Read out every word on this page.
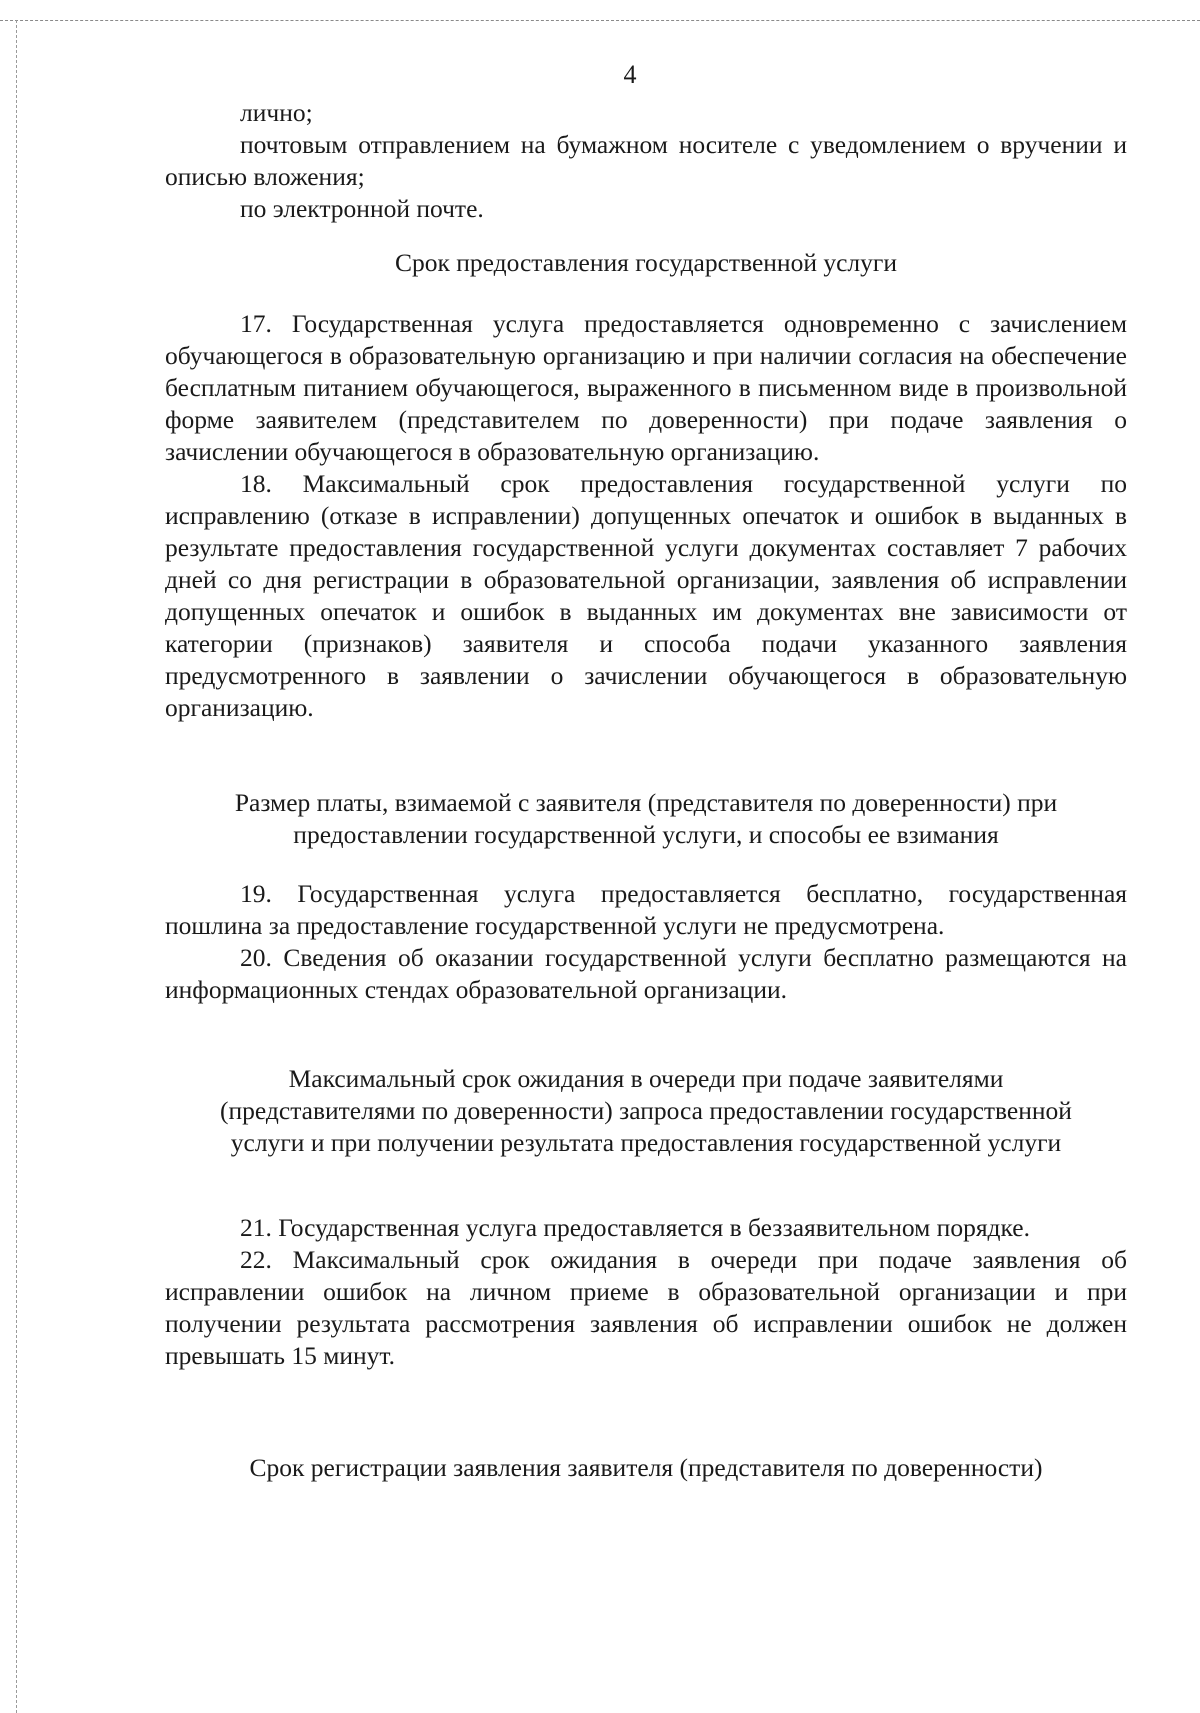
4

лично;

почтовым отправлением на бумажном носителе с уведомлением о вручении и описью вложения;

по электронной почте.

Срок предоставления государственной услуги

17. Государственная услуга предоставляется одновременно с зачислением обучающегося в образовательную организацию и при наличии согласия на обеспечение бесплатным питанием обучающегося, выраженного в письменном виде в произвольной форме заявителем (представителем по доверенности) при подаче заявления о зачислении обучающегося в образовательную организацию.

18. Максимальный срок предоставления государственной услуги по исправлению (отказе в исправлении) допущенных опечаток и ошибок в выданных в результате предоставления государственной услуги документах составляет 7 рабочих дней со дня регистрации в образовательной организации, заявления об исправлении допущенных опечаток и ошибок в выданных им документах вне зависимости от категории (признаков) заявителя и способа подачи указанного заявления предусмотренного в заявлении о зачислении обучающегося в образовательную организацию.

Размер платы, взимаемой с заявителя (представителя по доверенности) при предоставлении государственной услуги, и способы ее взимания

19. Государственная услуга предоставляется бесплатно, государственная пошлина за предоставление государственной услуги не предусмотрена.

20. Сведения об оказании государственной услуги бесплатно размещаются на информационных стендах образовательной организации.

Максимальный срок ожидания в очереди при подаче заявителями (представителями по доверенности) запроса предоставлении государственной услуги и при получении результата предоставления государственной услуги

21. Государственная услуга предоставляется в беззаявительном порядке.

22. Максимальный срок ожидания в очереди при подаче заявления об исправлении ошибок на личном приеме в образовательной организации и при получении результата рассмотрения заявления об исправлении ошибок не должен превышать 15 минут.

Срок регистрации заявления заявителя (представителя по доверенности)
